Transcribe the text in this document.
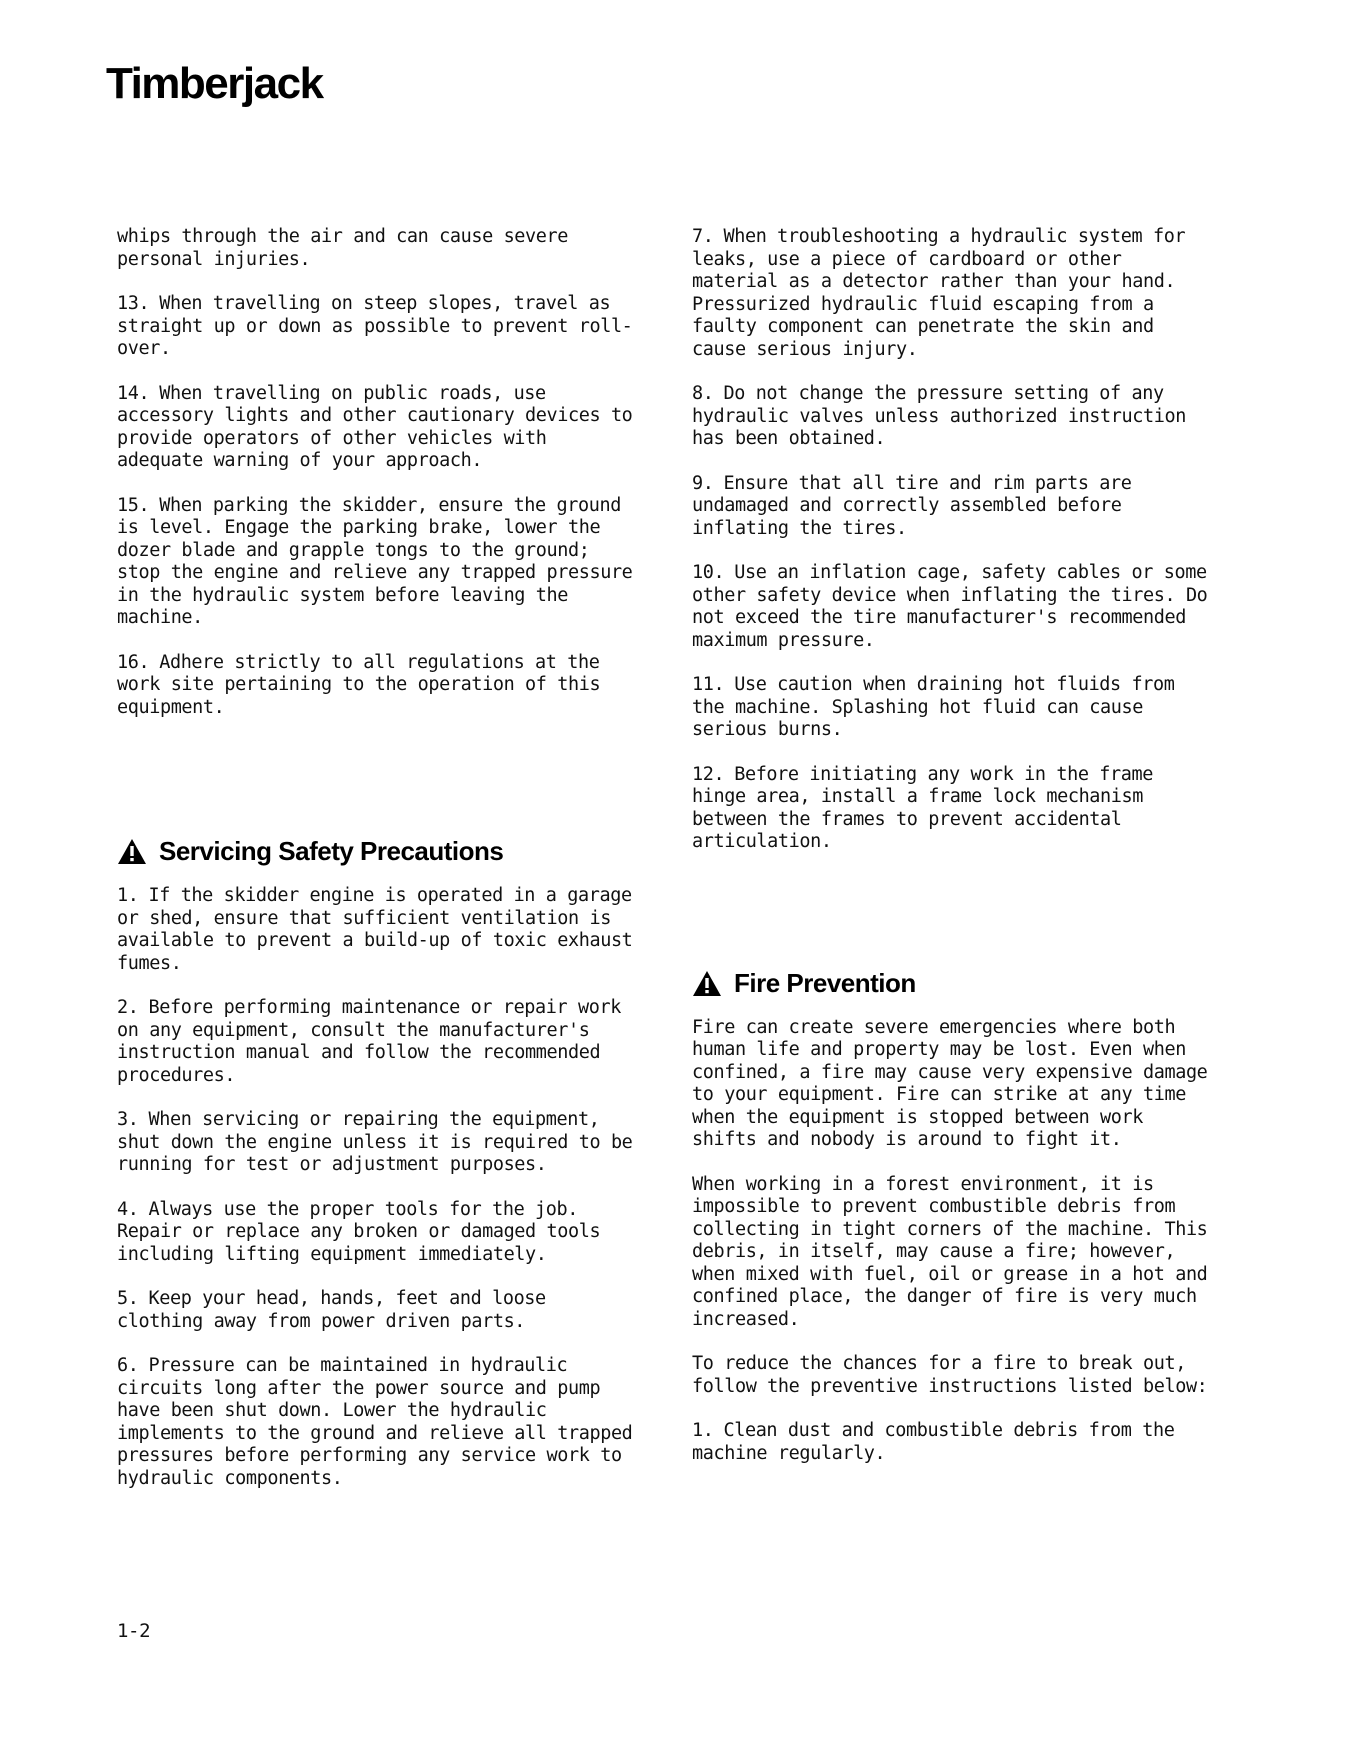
Timberjack

whips through the air and can cause severe personal injuries.

13. When travelling on steep slopes, travel as straight up or down as possible to prevent roll-over.

14. When travelling on public roads, use accessory lights and other cautionary devices to provide operators of other vehicles with adequate warning of your approach.

15. When parking the skidder, ensure the ground is level. Engage the parking brake, lower the dozer blade and grapple tongs to the ground; stop the engine and relieve any trapped pressure in the hydraulic system before leaving the machine.

16. Adhere strictly to all regulations at the work site pertaining to the operation of this equipment.

Servicing Safety Precautions

1. If the skidder engine is operated in a garage or shed, ensure that sufficient ventilation is available to prevent a build-up of toxic exhaust fumes.

2. Before performing maintenance or repair work on any equipment, consult the manufacturer's instruction manual and follow the recommended procedures.

3. When servicing or repairing the equipment, shut down the engine unless it is required to be running for test or adjustment purposes.

4. Always use the proper tools for the job. Repair or replace any broken or damaged tools including lifting equipment immediately.

5. Keep your head, hands, feet and loose clothing away from power driven parts.

6. Pressure can be maintained in hydraulic circuits long after the power source and pump have been shut down. Lower the hydraulic implements to the ground and relieve all trapped pressures before performing any service work to hydraulic components.

7. When troubleshooting a hydraulic system for leaks, use a piece of cardboard or other material as a detector rather than your hand. Pressurized hydraulic fluid escaping from a faulty component can penetrate the skin and cause serious injury.

8. Do not change the pressure setting of any hydraulic valves unless authorized instruction has been obtained.

9. Ensure that all tire and rim parts are undamaged and correctly assembled before inflating the tires.

10. Use an inflation cage, safety cables or some other safety device when inflating the tires. Do not exceed the tire manufacturer's recommended maximum pressure.

11. Use caution when draining hot fluids from the machine. Splashing hot fluid can cause serious burns.

12. Before initiating any work in the frame hinge area, install a frame lock mechanism between the frames to prevent accidental articulation.

Fire Prevention

Fire can create severe emergencies where both human life and property may be lost. Even when confined, a fire may cause very expensive damage to your equipment. Fire can strike at any time when the equipment is stopped between work shifts and nobody is around to fight it.

When working in a forest environment, it is impossible to prevent combustible debris from collecting in tight corners of the machine. This debris, in itself, may cause a fire; however, when mixed with fuel, oil or grease in a hot and confined place, the danger of fire is very much increased.

To reduce the chances for a fire to break out, follow the preventive instructions listed below:

1. Clean dust and combustible debris from the machine regularly.

1-2
